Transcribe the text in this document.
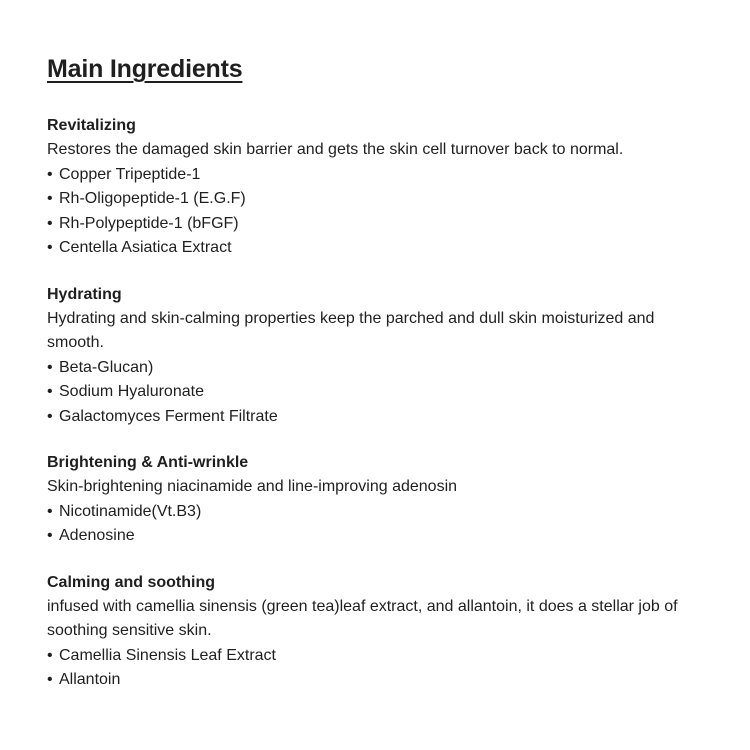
Main Ingredients
Revitalizing
Restores the damaged skin barrier and gets the skin cell turnover back to normal.
• Copper Tripeptide-1
• Rh-Oligopeptide-1 (E.G.F)
• Rh-Polypeptide-1 (bFGF)
• Centella Asiatica Extract
Hydrating
Hydrating and skin-calming properties keep the parched and dull skin moisturized and smooth.
• Beta-Glucan)
• Sodium Hyaluronate
• Galactomyces Ferment Filtrate
Brightening & Anti-wrinkle
Skin-brightening niacinamide and line-improving adenosin
• Nicotinamide(Vt.B3)
• Adenosine
Calming and soothing
infused with camellia sinensis (green tea)leaf extract, and allantoin, it does a stellar job of soothing sensitive skin.
• Camellia Sinensis Leaf Extract
• Allantoin
